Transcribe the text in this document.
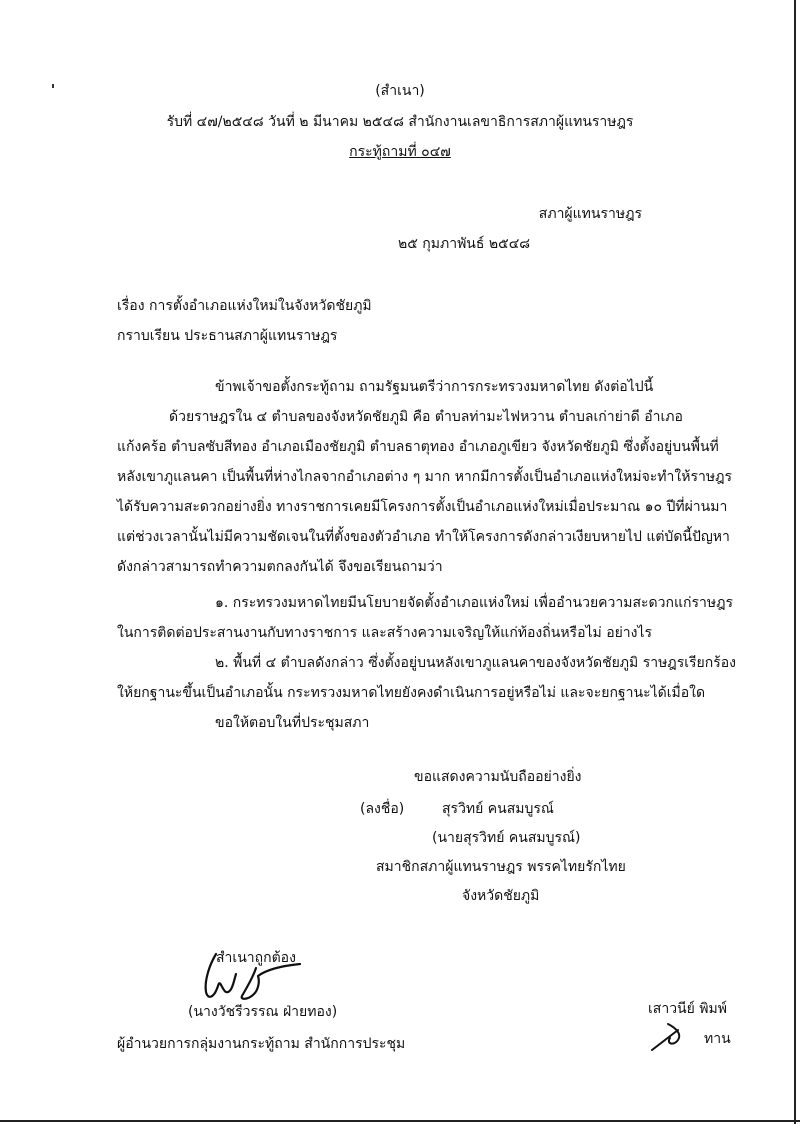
(สำเนา)
รับที่ ๔๗/๒๕๔๘ วันที่ ๒ มีนาคม ๒๕๔๘ สำนักงานเลขาธิการสภาผู้แทนราษฎร
กระทู้ถามที่ ๐๔๗
สภาผู้แทนราษฎร
๒๕ กุมภาพันธ์ ๒๕๔๘
เรื่อง การตั้งอำเภอแห่งใหม่ในจังหวัดชัยภูมิ
กราบเรียน ประธานสภาผู้แทนราษฎร
ข้าพเจ้าขอตั้งกระทู้ถาม ถามรัฐมนตรีว่าการกระทรวงมหาดไทย ดังต่อไปนี้
ด้วยราษฎรใน ๔ ตำบลของจังหวัดชัยภูมิ คือ ตำบลท่ามะไฟหวาน ตำบลเก่าย่าดี อำเภอ
แก้งคร้อ ตำบลซับสีทอง อำเภอเมืองชัยภูมิ ตำบลธาตุทอง อำเภอภูเขียว จังหวัดชัยภูมิ ซึ่งตั้งอยู่บนพื้นที่
หลังเขาภูแลนคา เป็นพื้นที่ห่างไกลจากอำเภอต่าง ๆ มาก หากมีการตั้งเป็นอำเภอแห่งใหม่จะทำให้ราษฎร
ได้รับความสะดวกอย่างยิ่ง ทางราชการเคยมีโครงการตั้งเป็นอำเภอแห่งใหม่เมื่อประมาณ ๑๐ ปีที่ผ่านมา
แต่ช่วงเวลานั้นไม่มีความชัดเจนในที่ตั้งของตัวอำเภอ ทำให้โครงการดังกล่าวเงียบหายไป แต่บัดนี้ปัญหา
ดังกล่าวสามารถทำความตกลงกันได้ จึงขอเรียนถามว่า
๑. กระทรวงมหาดไทยมีนโยบายจัดตั้งอำเภอแห่งใหม่ เพื่ออำนวยความสะดวกแก่ราษฎร
ในการติดต่อประสานงานกับทางราชการ และสร้างความเจริญให้แก่ท้องถิ่นหรือไม่ อย่างไร
๒. พื้นที่ ๔ ตำบลดังกล่าว ซึ่งตั้งอยู่บนหลังเขาภูแลนคาของจังหวัดชัยภูมิ ราษฎรเรียกร้อง
ให้ยกฐานะขึ้นเป็นอำเภอนั้น กระทรวงมหาดไทยยังคงดำเนินการอยู่หรือไม่ และจะยกฐานะได้เมื่อใด
ขอให้ตอบในที่ประชุมสภา
ขอแสดงความนับถืออย่างยิ่ง
(ลงชื่อ)	สุรวิทย์ คนสมบูรณ์
(นายสุรวิทย์ คนสมบูรณ์)
สมาชิกสภาผู้แทนราษฎร พรรคไทยรักไทย
จังหวัดชัยภูมิ
สำเนาถูกต้อง
(นางวัชรีวรรณ ฝ่ายทอง)
ผู้อำนวยการกลุ่มงานกระทู้ถาม สำนักการประชุม
เสาวนีย์ พิมพ์
ทาน
